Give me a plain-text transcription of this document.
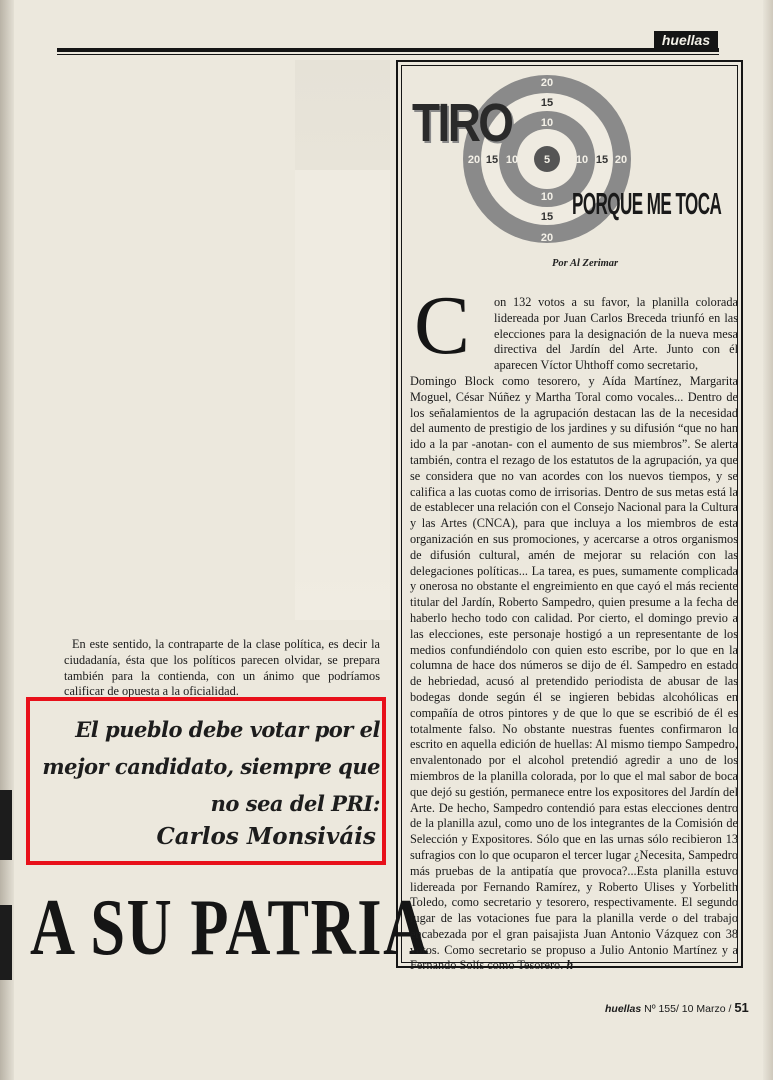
huellas
En este sentido, la contraparte de la clase política, es decir la ciudadanía, ésta que los políticos parecen olvidar, se prepara también para la contienda, con un ánimo que podríamos calificar de opuesta a la oficialidad.
El pueblo debe votar por el mejor candidato, siempre que no sea del PRI:
Carlos Monsiváis
A SU PATRIA
20
15
10
5
10
15
20
20 15 10	10 15 20
TIRO
PORQUE ME TOCA
Por Al Zerimar
C on 132 votos a su favor, la planilla colorada lidereada por Juan Carlos Breceda triunfó en las elecciones para la designación de la nueva mesa directiva del Jardín del Arte. Junto con él aparecen Víctor Uhthoff como secretario,
Domingo Block como tesorero, y Aída Martínez, Margarita Moguel, César Núñez y Martha Toral como vocales... Dentro de los señalamientos de la agrupación destacan las de la necesidad del aumento de prestigio de los jardines y su difusión “que no han ido a la par -anotan- con el aumento de sus miembros”. Se alerta también, contra el rezago de los estatutos de la agrupación, ya que se considera que no van acordes con los nuevos tiempos, y se califica a las cuotas como de irrisorias. Dentro de sus metas está la de establecer una relación con el Consejo Nacional para la Cultura y las Artes (CNCA), para que incluya a los miembros de esta organización en sus promociones, y acercarse a otros organismos de difusión cultural, amén de mejorar su relación con las delegaciones políticas... La tarea, es pues, sumamente complicada y onerosa no obstante el engreimiento en que cayó el más reciente titular del Jardín, Roberto Sampedro, quien presume a la fecha de haberlo hecho todo con calidad. Por cierto, el domingo previo a las elecciones, este personaje hostigó a un representante de los medios confundiéndolo con quien esto escribe, por lo que en la columna de hace dos números se dijo de él. Sampedro en estado de hebriedad, acusó al pretendido periodista de abusar de las bodegas donde según él se ingieren bebidas alcohólicas en compañía de otros pintores y de que lo que se escribió de él es totalmente falso. No obstante nuestras fuentes confirmaron lo escrito en aquella edición de huellas: Al mismo tiempo Sampedro, envalentonado por el alcohol pretendió agredir a uno de los miembros de la planilla colorada, por lo que el mal sabor de boca que dejó su gestión, permanece entre los expositores del Jardín del Arte. De hecho, Sampedro contendió para estas elecciones dentro de la planilla azul, como uno de los integrantes de la Comisión de Selección y Expositores. Sólo que en las urnas sólo recibieron 13 sufragios con lo que ocuparon el tercer lugar ¿Necesita, Sampedro más pruebas de la antipatía que provoca?...Esta planilla estuvo lidereada por Fernando Ramírez, y Roberto Ulises y Yorbelith Toledo, como secretario y tesorero, respectivamente. El segundo lugar de las votaciones fue para la planilla verde o del trabajo encabezada por el gran paisajista Juan Antonio Vázquez con 38 votos. Como secretario se propuso a Julio Antonio Martínez y a Fernando Solís como Tesorero. h
huellas Nº 155/ 10 Marzo / 51
